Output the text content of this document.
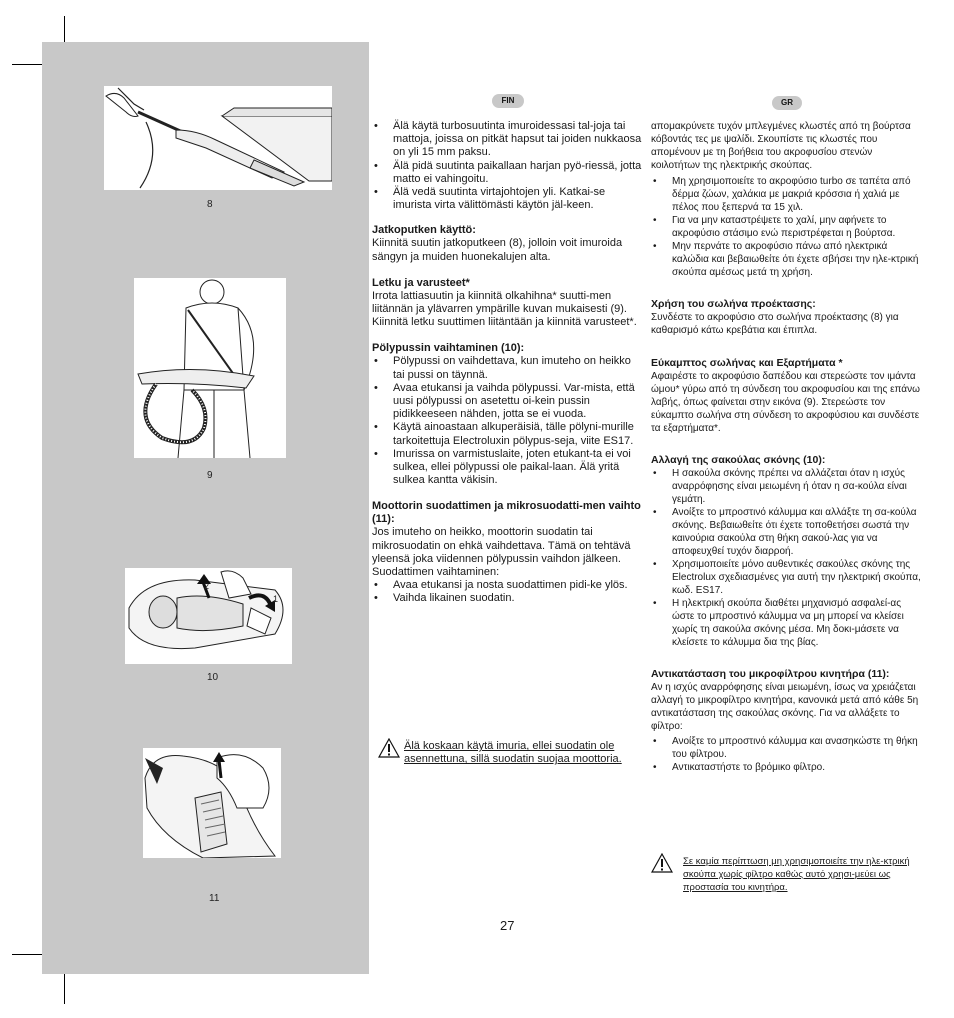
8
9
2
1
10
11
FIN	GR
• Älä käytä turbosuutinta imuroidessasi tal-joja tai mattoja, joissa on pitkät hapsut tai joiden nukkaosa on yli 15 mm paksu.
• Älä pidä suutinta paikallaan harjan pyö-riessä, jotta matto ei vahingoitu.
• Älä vedä suutinta virtajohtojen yli. Katkai-se imurista virta välittömästi käytön jäl-keen.
Jatkoputken käyttö:

Kiinnitä suutin jatkoputkeen (8), jolloin voit imuroida sängyn ja muiden huonekalujen alta.

Letku ja varusteet*

Irrota lattiasuutin ja kiinnitä olkahihna* suutti-men liitännän ja ylävarren ympärille kuvan mukaisesti (9).

Kiinnitä letku suuttimen liitäntään ja kiinnitä varusteet*.

Pölypussin vaihtaminen (10):
• Pölypussi on vaihdettava, kun imuteho on heikko tai pussi on täynnä.
• Avaa etukansi ja vaihda pölypussi. Var-mista, että uusi pölypussi on asetettu oi-kein pussin pidikkeeseen nähden, jotta se ei vuoda.
• Käytä ainoastaan alkuperäisiä, tälle pölyni-murille tarkoitettuja Electroluxin pölypus-seja, viite ES17.
• Imurissa on varmistuslaite, joten etukant-ta ei voi sulkea, ellei pölypussi ole paikal-laan. Älä yritä sulkea kantta väkisin.
Moottorin suodattimen ja mikrosuodatti-men vaihto (11):

Jos imuteho on heikko, moottorin suodatin tai mikrosuodatin on ehkä vaihdettava. Tämä on tehtävä yleensä joka viidennen pölypussin vaihdon jälkeen. Suodattimen vaihtaminen:

• Avaa etukansi ja nosta suodattimen pidi-ke ylös.
• Vaihda likainen suodatin.
Älä koskaan käytä imuria, ellei suodatin ole asennettuna, sillä suodatin suojaa moottoria.

απομακρύνετε τυχόν μπλεγμένες κλωστές από τη βούρτσα κόβοντάς τες με ψαλίδι. Σκουπίστε τις κλωστές που απομένουν με τη βοήθεια του ακροφυσίου στενών κοιλοτήτων της ηλεκτρικής σκούπας.

• Μη χρησιμοποιείτε το ακροφύσιο turbo σε ταπέτα από δέρμα ζώων, χαλάκια με μακριά κρόσσια ή χαλιά με πέλος που ξεπερνά τα 15 χιλ.
• Για να μην καταστρέψετε το χαλί, μην αφήνετε το ακροφύσιο στάσιμο ενώ περιστρέφεται η βούρτσα.
• Μην περνάτε το ακροφύσιο πάνω από ηλεκτρικά καλώδια και βεβαιωθείτε ότι έχετε σβήσει την ηλε-κτρική σκούπα αμέσως μετά τη χρήση.
Χρήση του σωλήνα προέκτασης:

Συνδέστε το ακροφύσιο στο σωλήνα προέκτασης (8) για καθαρισμό κάτω κρεβάτια και έπιπλα.

Εύκαμπτος σωλήνας και Εξαρτήματα *

Αφαιρέστε το ακροφύσιο δαπέδου και στερεώστε τον ιμάντα ώμου* γύρω από τη σύνδεση του ακροφυσίου και της επάνω λαβής, όπως φαίνεται στην εικόνα (9). Στερεώστε τον εύκαμπτο σωλήνα στη σύνδεση το ακροφύσιου και συνδέστε τα εξαρτήματα*.

Αλλαγή της σακούλας σκόνης (10):
• Η σακούλα σκόνης πρέπει να αλλάζεται όταν η ισχύς αναρρόφησης είναι μειωμένη ή όταν η σα-κούλα είναι γεμάτη.
• Ανοίξτε το μπροστινό κάλυμμα και αλλάξτε τη σα-κούλα σκόνης. Βεβαιωθείτε ότι έχετε τοποθετήσει σωστά την καινούρια σακούλα στη θήκη σακού-λας για να αποφευχθεί τυχόν διαρροή.
• Χρησιμοποιείτε μόνο αυθεντικές σακούλες σκόνης της Electrolux σχεδιασμένες για αυτή την ηλεκτρική σκούπα, κωδ. ES17.
• Η ηλεκτρική σκούπα διαθέτει μηχανισμό ασφαλεί-ας ώστε το μπροστινό κάλυμμα να μη μπορεί να κλείσει χωρίς τη σακούλα σκόνης μέσα. Μη δοκι-μάσετε να κλείσετε το κάλυμμα δια της βίας.
Αντικατάσταση του μικροφίλτρου κινητήρα (11):

Αν η ισχύς αναρρόφησης είναι μειωμένη, ίσως να χρειάζεται αλλαγή το μικροφίλτρο κινητήρα, κανονικά μετά από κάθε 5η αντικατάσταση της σακούλας σκόνης. Για να αλλάξετε το φίλτρο:

• Ανοίξτε το μπροστινό κάλυμμα και ανασηκώστε τη θήκη του φίλτρου.
• Αντικαταστήστε το βρόμικο φίλτρο.
Σε καμία περίπτωση μη χρησιμοποιείτε την ηλε-κτρική σκούπα χωρίς φίλτρο καθώς αυτό χρησι-μεύει ως προστασία του κινητήρα.
27
